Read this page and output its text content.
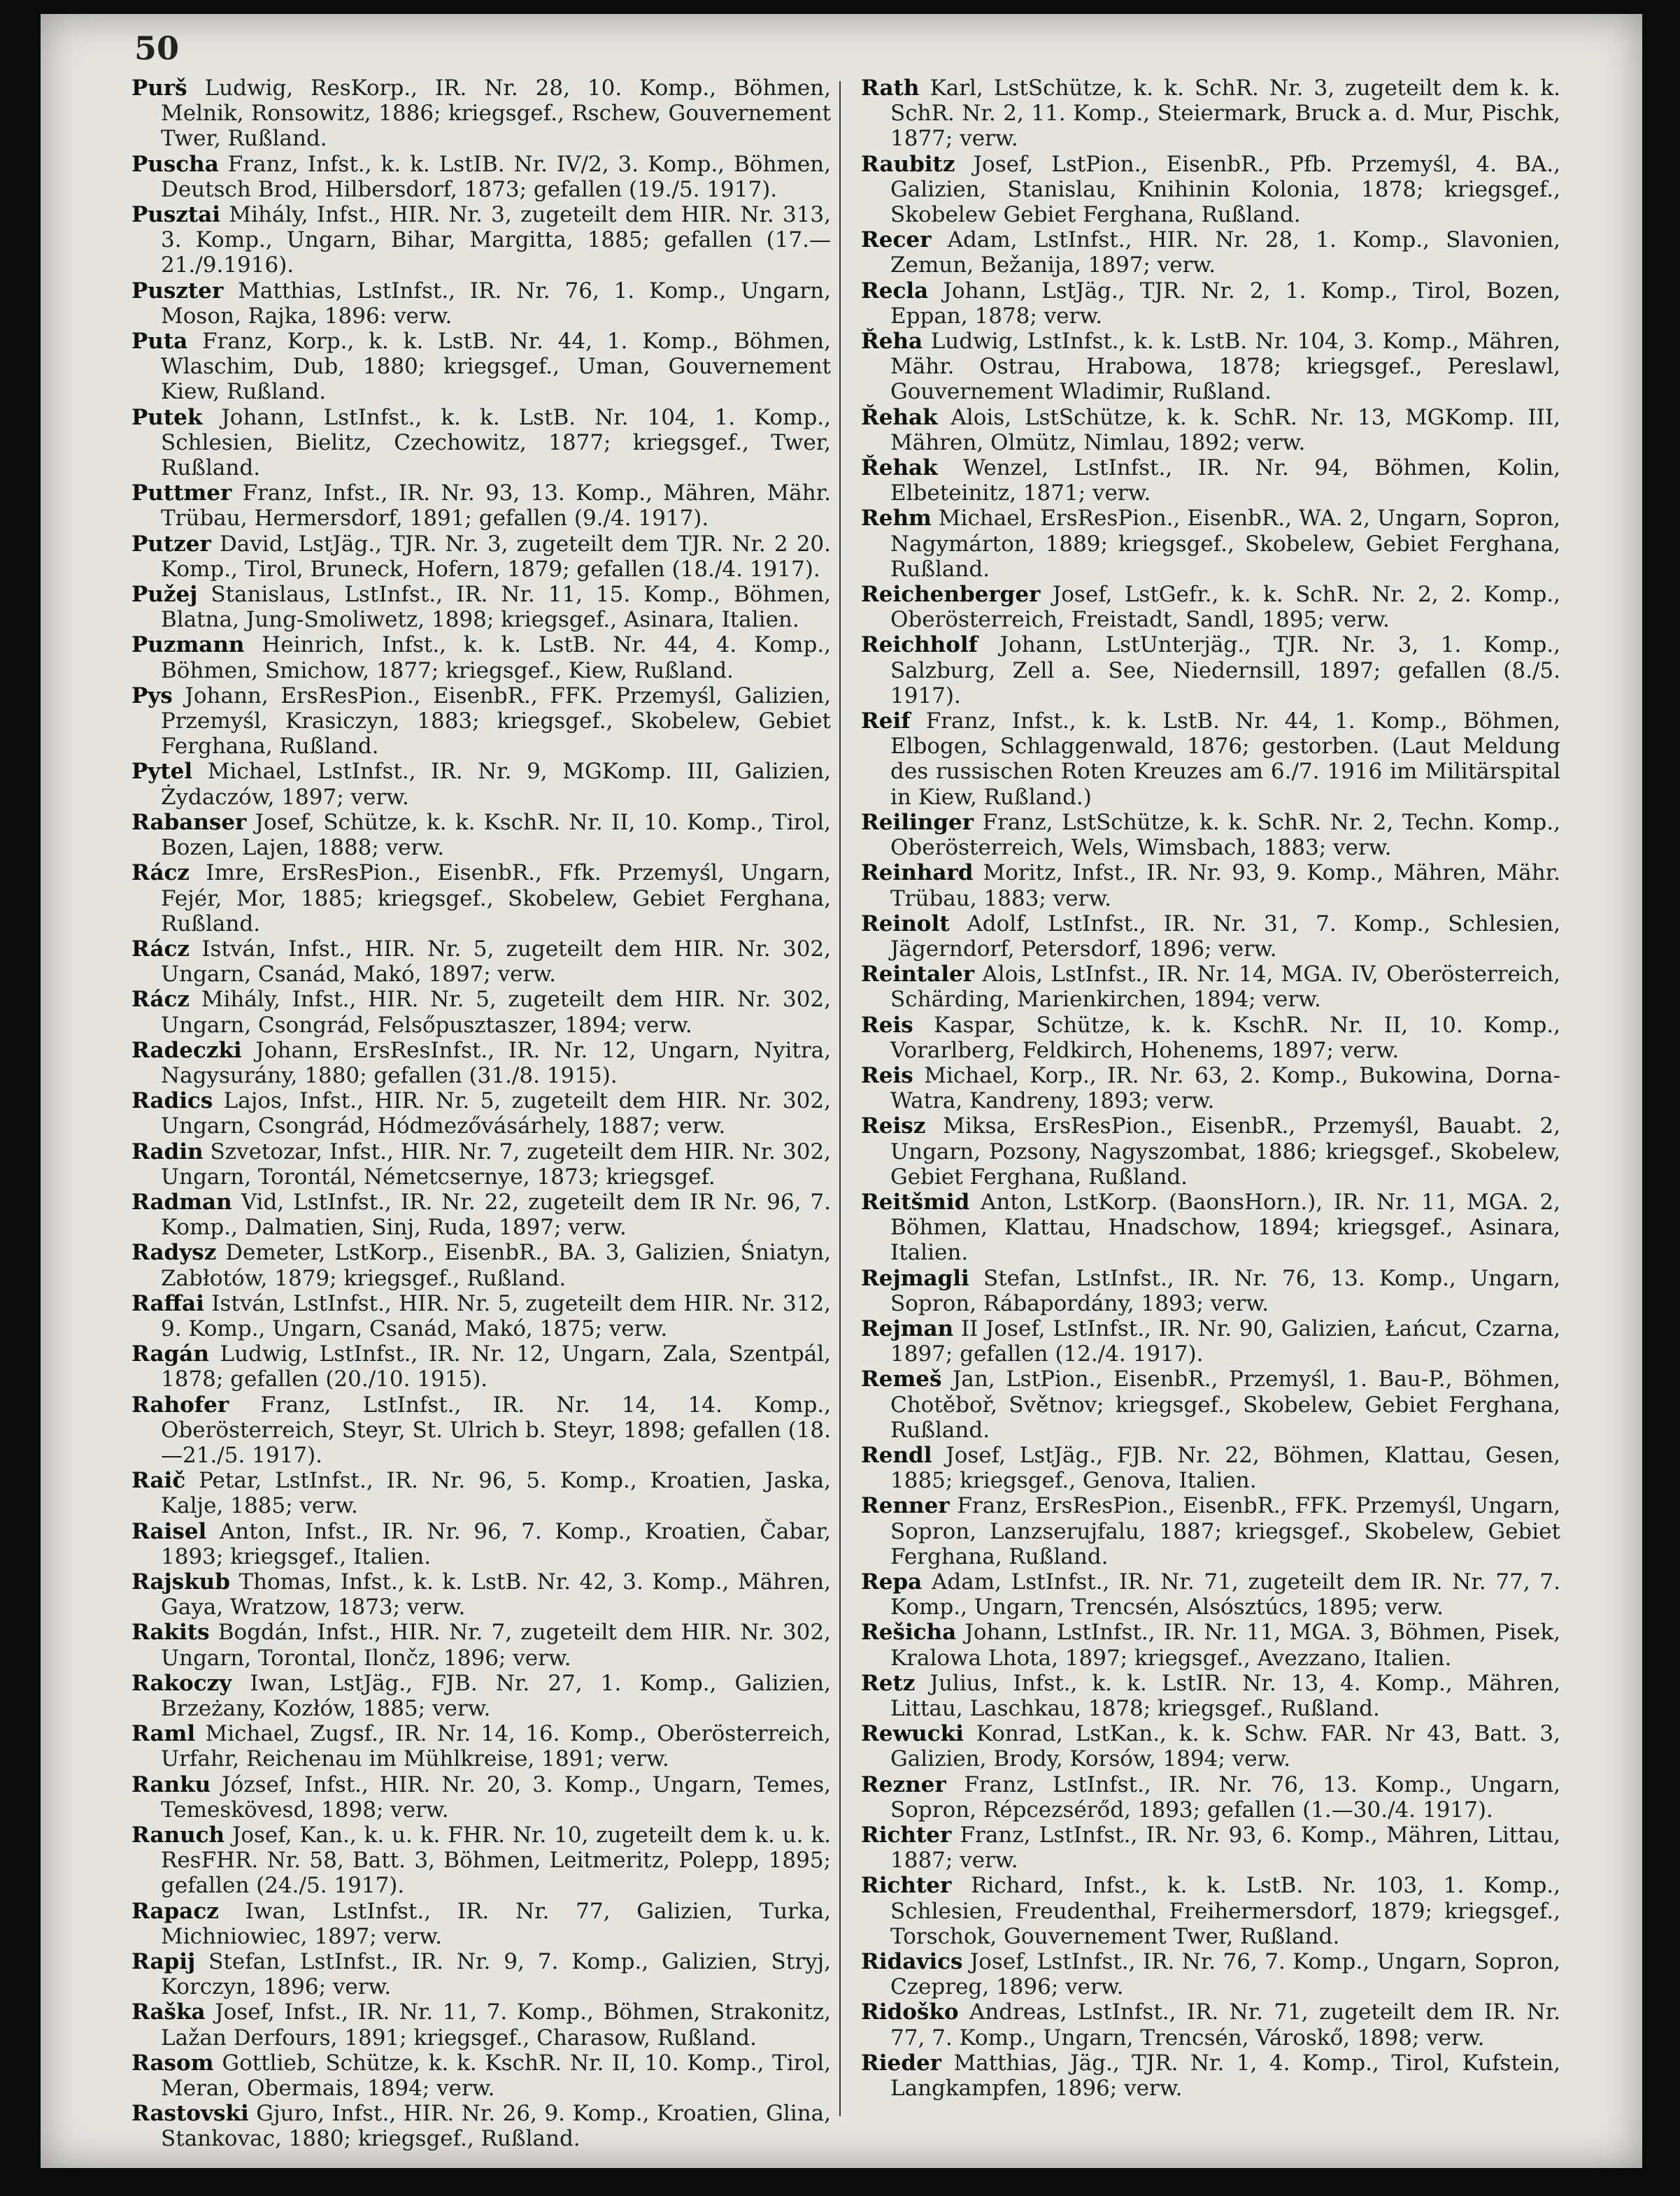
50

Purš Ludwig, ResKorp., IR. Nr. 28, 10. Komp., Böhmen, Melnik, Ronsowitz, 1886; kriegsgef., Rschew, Gouvernement Twer, Rußland.

Puscha Franz, Infst., k. k. LstIB. Nr. IV/2, 3. Komp., Böhmen, Deutsch Brod, Hilbersdorf, 1873; gefallen (19./5. 1917).

Pusztai Mihály, Infst., HIR. Nr. 3, zugeteilt dem HIR. Nr. 313, 3. Komp., Ungarn, Bihar, Margitta, 1885; gefallen (17.—21./9.1916).

Puszter Matthias, LstInfst., IR. Nr. 76, 1. Komp., Ungarn, Moson, Rajka, 1896: verw.

Puta Franz, Korp., k. k. LstB. Nr. 44, 1. Komp., Böhmen, Wlaschim, Dub, 1880; kriegsgef., Uman, Gouvernement Kiew, Rußland.

Putek Johann, LstInfst., k. k. LstB. Nr. 104, 1. Komp., Schlesien, Bielitz, Czechowitz, 1877; kriegsgef., Twer, Rußland.

Puttmer Franz, Infst., IR. Nr. 93, 13. Komp., Mähren, Mähr. Trübau, Hermersdorf, 1891; gefallen (9./4. 1917).

Putzer David, LstJäg., TJR. Nr. 3, zugeteilt dem TJR. Nr. 2 20. Komp., Tirol, Bruneck, Hofern, 1879; gefallen (18./4. 1917).

Pužej Stanislaus, LstInfst., IR. Nr. 11, 15. Komp., Böhmen, Blatna, Jung-Smoliwetz, 1898; kriegsgef., Asinara, Italien.

Puzmann Heinrich, Infst., k. k. LstB. Nr. 44, 4. Komp., Böhmen, Smichow, 1877; kriegsgef., Kiew, Rußland.

Pys Johann, ErsResPion., EisenbR., FFK. Przemyśl, Galizien, Przemyśl, Krasiczyn, 1883; kriegsgef., Skobelew, Gebiet Ferghana, Rußland.

Pytel Michael, LstInfst., IR. Nr. 9, MGKomp. III, Galizien, Żydaczów, 1897; verw.

Rabanser Josef, Schütze, k. k. KschR. Nr. II, 10. Komp., Tirol, Bozen, Lajen, 1888; verw.

Rácz Imre, ErsResPion., EisenbR., Ffk. Przemyśl, Ungarn, Fejér, Mor, 1885; kriegsgef., Skobelew, Gebiet Ferghana, Rußland.

Rácz István, Infst., HIR. Nr. 5, zugeteilt dem HIR. Nr. 302, Ungarn, Csanád, Makó, 1897; verw.

Rácz Mihály, Infst., HIR. Nr. 5, zugeteilt dem HIR. Nr. 302, Ungarn, Csongrád, Felsőpusztaszer, 1894; verw.

Radeczki Johann, ErsResInfst., IR. Nr. 12, Ungarn, Nyitra, Nagysurány, 1880; gefallen (31./8. 1915).

Radics Lajos, Infst., HIR. Nr. 5, zugeteilt dem HIR. Nr. 302, Ungarn, Csongrád, Hódmezővásárhely, 1887; verw.

Radin Szvetozar, Infst., HIR. Nr. 7, zugeteilt dem HIR. Nr. 302, Ungarn, Torontál, Németcsernye, 1873; kriegsgef.

Radman Vid, LstInfst., IR. Nr. 22, zugeteilt dem IR Nr. 96, 7. Komp., Dalmatien, Sinj, Ruda, 1897; verw.

Radysz Demeter, LstKorp., EisenbR., BA. 3, Galizien, Śniatyn, Zabłotów, 1879; kriegsgef., Rußland.

Raffai István, LstInfst., HIR. Nr. 5, zugeteilt dem HIR. Nr. 312, 9. Komp., Ungarn, Csanád, Makó, 1875; verw.

Ragán Ludwig, LstInfst., IR. Nr. 12, Ungarn, Zala, Szentpál, 1878; gefallen (20./10. 1915).

Rahofer Franz, LstInfst., IR. Nr. 14, 14. Komp., Oberösterreich, Steyr, St. Ulrich b. Steyr, 1898; gefallen (18.—21./5. 1917).

Raič Petar, LstInfst., IR. Nr. 96, 5. Komp., Kroatien, Jaska, Kalje, 1885; verw.

Raisel Anton, Infst., IR. Nr. 96, 7. Komp., Kroatien, Čabar, 1893; kriegsgef., Italien.

Rajskub Thomas, Infst., k. k. LstB. Nr. 42, 3. Komp., Mähren, Gaya, Wratzow, 1873; verw.

Rakits Bogdán, Infst., HIR. Nr. 7, zugeteilt dem HIR. Nr. 302, Ungarn, Torontal, Ilončz, 1896; verw.

Rakoczy Iwan, LstJäg., FJB. Nr. 27, 1. Komp., Galizien, Brzeżany, Kozłów, 1885; verw.

Raml Michael, Zugsf., IR. Nr. 14, 16. Komp., Oberösterreich, Urfahr, Reichenau im Mühlkreise, 1891; verw.

Ranku József, Infst., HIR. Nr. 20, 3. Komp., Ungarn, Temes, Temeskövesd, 1898; verw.

Ranuch Josef, Kan., k. u. k. FHR. Nr. 10, zugeteilt dem k. u. k. ResFHR. Nr. 58, Batt. 3, Böhmen, Leitmeritz, Polepp, 1895; gefallen (24./5. 1917).

Rapacz Iwan, LstInfst., IR. Nr. 77, Galizien, Turka, Michniowiec, 1897; verw.

Rapij Stefan, LstInfst., IR. Nr. 9, 7. Komp., Galizien, Stryj, Korczyn, 1896; verw.

Raška Josef, Infst., IR. Nr. 11, 7. Komp., Böhmen, Strakonitz, Lažan Derfours, 1891; kriegsgef., Charasow, Rußland.

Rasom Gottlieb, Schütze, k. k. KschR. Nr. II, 10. Komp., Tirol, Meran, Obermais, 1894; verw.

Rastovski Gjuro, Infst., HIR. Nr. 26, 9. Komp., Kroatien, Glina, Stankovac, 1880; kriegsgef., Rußland.

Rath Karl, LstSchütze, k. k. SchR. Nr. 3, zugeteilt dem k. k. SchR. Nr. 2, 11. Komp., Steiermark, Bruck a. d. Mur, Pischk, 1877; verw.

Raubitz Josef, LstPion., EisenbR., Pfb. Przemyśl, 4. BA., Galizien, Stanislau, Knihinin Kolonia, 1878; kriegsgef., Skobelew Gebiet Ferghana, Rußland.

Recer Adam, LstInfst., HIR. Nr. 28, 1. Komp., Slavonien, Zemun, Bežanija, 1897; verw.

Recla Johann, LstJäg., TJR. Nr. 2, 1. Komp., Tirol, Bozen, Eppan, 1878; verw.

Řeha Ludwig, LstInfst., k. k. LstB. Nr. 104, 3. Komp., Mähren, Mähr. Ostrau, Hrabowa, 1878; kriegsgef., Pereslawl, Gouvernement Wladimir, Rußland.

Řehak Alois, LstSchütze, k. k. SchR. Nr. 13, MGKomp. III, Mähren, Olmütz, Nimlau, 1892; verw.

Řehak Wenzel, LstInfst., IR. Nr. 94, Böhmen, Kolin, Elbeteinitz, 1871; verw.

Rehm Michael, ErsResPion., EisenbR., WA. 2, Ungarn, Sopron, Nagymárton, 1889; kriegsgef., Skobelew, Gebiet Ferghana, Rußland.

Reichenberger Josef, LstGefr., k. k. SchR. Nr. 2, 2. Komp., Oberösterreich, Freistadt, Sandl, 1895; verw.

Reichholf Johann, LstUnterjäg., TJR. Nr. 3, 1. Komp., Salzburg, Zell a. See, Niedernsill, 1897; gefallen (8./5. 1917).

Reif Franz, Infst., k. k. LstB. Nr. 44, 1. Komp., Böhmen, Elbogen, Schlaggenwald, 1876; gestorben. (Laut Meldung des russischen Roten Kreuzes am 6./7. 1916 im Militärspital in Kiew, Rußland.)

Reilinger Franz, LstSchütze, k. k. SchR. Nr. 2, Techn. Komp., Oberösterreich, Wels, Wimsbach, 1883; verw.

Reinhard Moritz, Infst., IR. Nr. 93, 9. Komp., Mähren, Mähr. Trübau, 1883; verw.

Reinolt Adolf, LstInfst., IR. Nr. 31, 7. Komp., Schlesien, Jägerndorf, Petersdorf, 1896; verw.

Reintaler Alois, LstInfst., IR. Nr. 14, MGA. IV, Oberösterreich, Schärding, Marienkirchen, 1894; verw.

Reis Kaspar, Schütze, k. k. KschR. Nr. II, 10. Komp., Vorarlberg, Feldkirch, Hohenems, 1897; verw.

Reis Michael, Korp., IR. Nr. 63, 2. Komp., Bukowina, Dorna-Watra, Kandreny, 1893; verw.

Reisz Miksa, ErsResPion., EisenbR., Przemyśl, Bauabt. 2, Ungarn, Pozsony, Nagyszombat, 1886; kriegsgef., Skobelew, Gebiet Ferghana, Rußland.

Reitšmid Anton, LstKorp. (BaonsHorn.), IR. Nr. 11, MGA. 2, Böhmen, Klattau, Hnadschow, 1894; kriegsgef., Asinara, Italien.

Rejmagli Stefan, LstInfst., IR. Nr. 76, 13. Komp., Ungarn, Sopron, Rábapordány, 1893; verw.

Rejman II Josef, LstInfst., IR. Nr. 90, Galizien, Łańcut, Czarna, 1897; gefallen (12./4. 1917).

Remeš Jan, LstPion., EisenbR., Przemyśl, 1. Bau-P., Böhmen, Chotěboř, Světnov; kriegsgef., Skobelew, Gebiet Ferghana, Rußland.

Rendl Josef, LstJäg., FJB. Nr. 22, Böhmen, Klattau, Gesen, 1885; kriegsgef., Genova, Italien.

Renner Franz, ErsResPion., EisenbR., FFK. Przemyśl, Ungarn, Sopron, Lanzserujfalu, 1887; kriegsgef., Skobelew, Gebiet Ferghana, Rußland.

Repa Adam, LstInfst., IR. Nr. 71, zugeteilt dem IR. Nr. 77, 7. Komp., Ungarn, Trencsén, Alsósztúcs, 1895; verw.

Rešicha Johann, LstInfst., IR. Nr. 11, MGA. 3, Böhmen, Pisek, Kralowa Lhota, 1897; kriegsgef., Avezzano, Italien.

Retz Julius, Infst., k. k. LstIR. Nr. 13, 4. Komp., Mähren, Littau, Laschkau, 1878; kriegsgef., Rußland.

Rewucki Konrad, LstKan., k. k. Schw. FAR. Nr 43, Batt. 3, Galizien, Brody, Korsów, 1894; verw.

Rezner Franz, LstInfst., IR. Nr. 76, 13. Komp., Ungarn, Sopron, Répcezsérőd, 1893; gefallen (1.—30./4. 1917).

Richter Franz, LstInfst., IR. Nr. 93, 6. Komp., Mähren, Littau, 1887; verw.

Richter Richard, Infst., k. k. LstB. Nr. 103, 1. Komp., Schlesien, Freudenthal, Freihermersdorf, 1879; kriegsgef., Torschok, Gouvernement Twer, Rußland.

Ridavics Josef, LstInfst., IR. Nr. 76, 7. Komp., Ungarn, Sopron, Czepreg, 1896; verw.

Ridoško Andreas, LstInfst., IR. Nr. 71, zugeteilt dem IR. Nr. 77, 7. Komp., Ungarn, Trencsén, Városkő, 1898; verw.

Rieder Matthias, Jäg., TJR. Nr. 1, 4. Komp., Tirol, Kufstein, Langkampfen, 1896; verw.
